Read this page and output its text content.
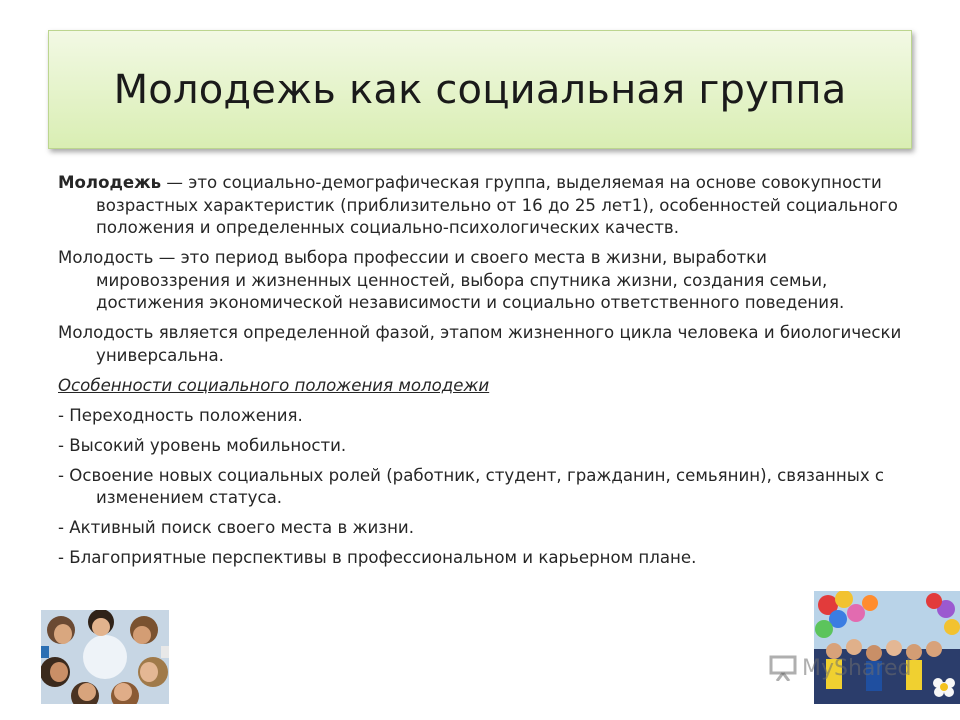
Молодежь как социальная группа

Молодежь — это социально-демографическая группа, выделяемая на основе совокупности возрастных характеристик (приблизительно от 16 до 25 лет1), особенностей социального положения и определенных социально-психологических качеств.

Молодость — это период выбора профессии и своего места в жизни, выработки мировоззрения и жизненных ценностей, выбора спутника жизни, создания семьи, достижения экономической независимости и социально ответственного поведения.

Молодость является определенной фазой, этапом жизненного цикла человека и биологически универсальна.

Особенности социального положения молодежи

- Переходность положения.

- Высокий уровень мобильности.

- Освоение новых социальных ролей (работник, студент, гражданин, семьянин), связанных с изменением статуса.

- Активный поиск своего места в жизни.

- Благоприятные перспективы в профессиональном и карьерном плане.

MyShared
